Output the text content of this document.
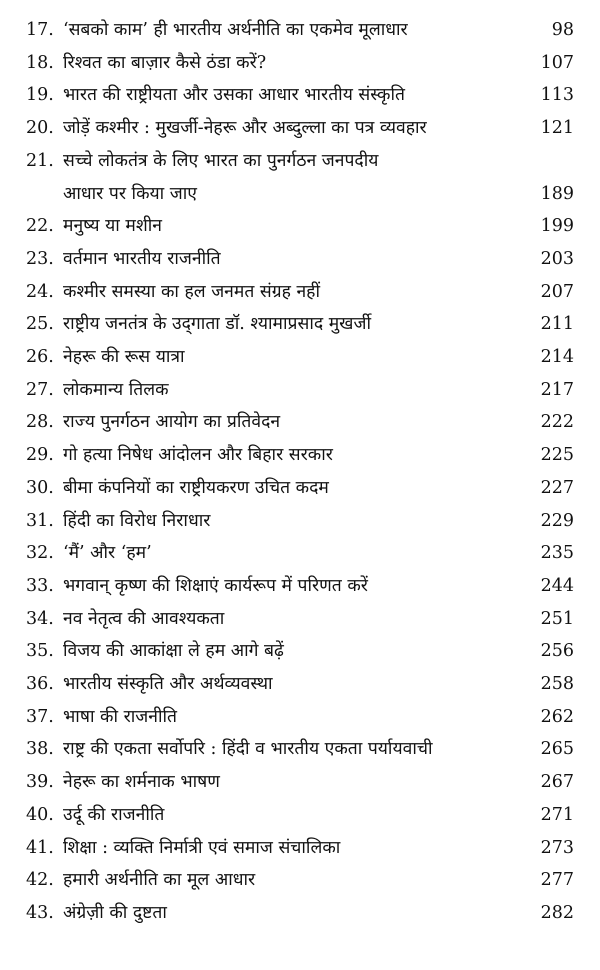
17. ‘सबको काम’ ही भारतीय अर्थनीति का एकमेव मूलाधार	98
18. रिश्वत का बाज़ार कैसे ठंडा करें?	107
19. भारत की राष्ट्रीयता और उसका आधार भारतीय संस्कृति	113
20. जोड़ें कश्मीर : मुखर्जी-नेहरू और अब्दुल्ला का पत्र व्यवहार	121
21. सच्चे लोकतंत्र के लिए भारत का पुनर्गठन जनपदीय
आधार पर किया जाए	189
22. मनुष्य या मशीन	199
23. वर्तमान भारतीय राजनीति	203
24. कश्मीर समस्या का हल जनमत संग्रह नहीं	207
25. राष्ट्रीय जनतंत्र के उद्‌गाता डॉ. श्यामाप्रसाद मुखर्जी	211
26. नेहरू की रूस यात्रा	214
27. लोकमान्य तिलक	217
28. राज्य पुनर्गठन आयोग का प्रतिवेदन	222
29. गो हत्या निषेध आंदोलन और बिहार सरकार	225
30. बीमा कंपनियों का राष्ट्रीयकरण उचित कदम	227
31. हिंदी का विरोध निराधार	229
32. ‘मैं’ और ‘हम’	235
33. भगवान्‌ कृष्ण की शिक्षाएं कार्यरूप में परिणत करें	244
34. नव नेतृत्व की आवश्यकता	251
35. विजय की आकांक्षा ले हम आगे बढ़ें	256
36. भारतीय संस्कृति और अर्थव्यवस्था	258
37. भाषा की राजनीति	262
38. राष्ट्र की एकता सर्वोपरि : हिंदी व भारतीय एकता पर्यायवाची	265
39. नेहरू का शर्मनाक भाषण	267
40. उर्दू की राजनीति	271
41. शिक्षा : व्यक्ति निर्मात्री एवं समाज संचालिका	273
42. हमारी अर्थनीति का मूल आधार	277
43. अंग्रेज़ी की दुष्टता	282
